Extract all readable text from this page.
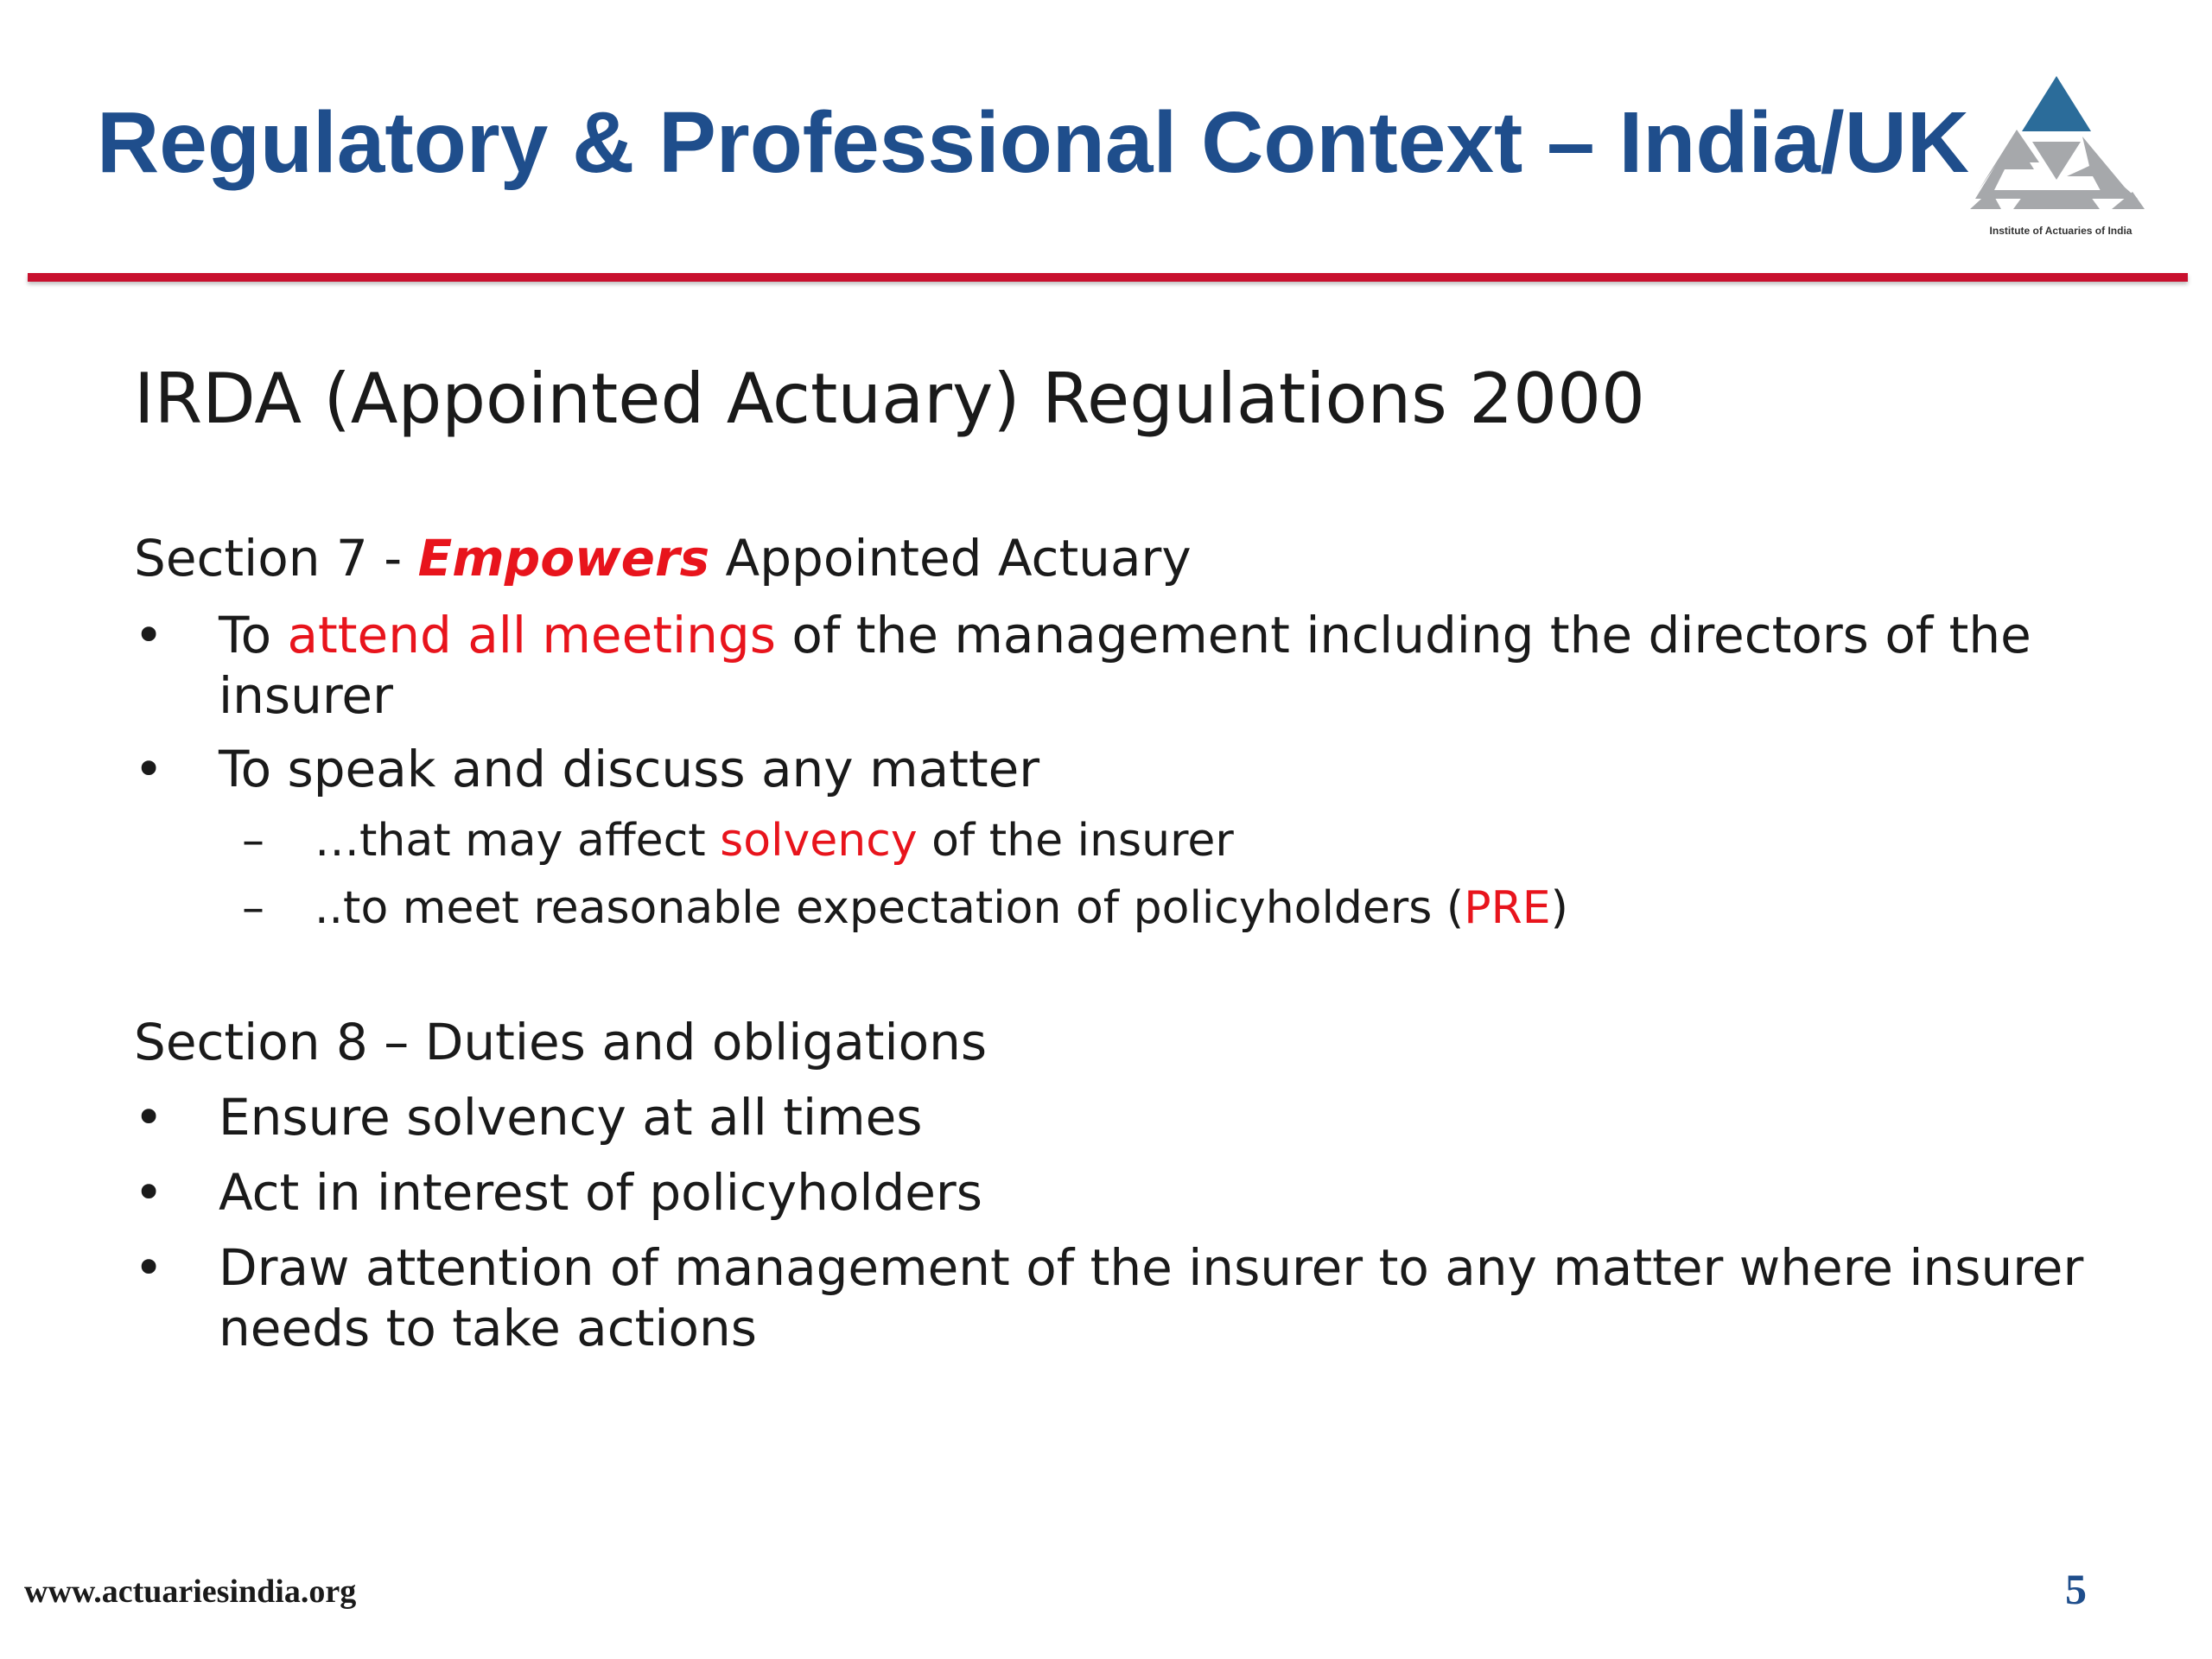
Regulatory & Professional Context – India/UK
Institute of Actuaries of India
IRDA (Appointed Actuary) Regulations 2000
Section 7 - Empowers Appointed Actuary
• To attend all meetings of the management including the directors of the insurer
• To speak and discuss any matter
– …that may affect solvency of the insurer
– ..to meet reasonable expectation of policyholders (PRE)
Section 8 – Duties and obligations
• Ensure solvency at all times
• Act in interest of policyholders
• Draw attention of management of the insurer to any matter where insurer needs to take actions
www.actuariesindia.org	5
